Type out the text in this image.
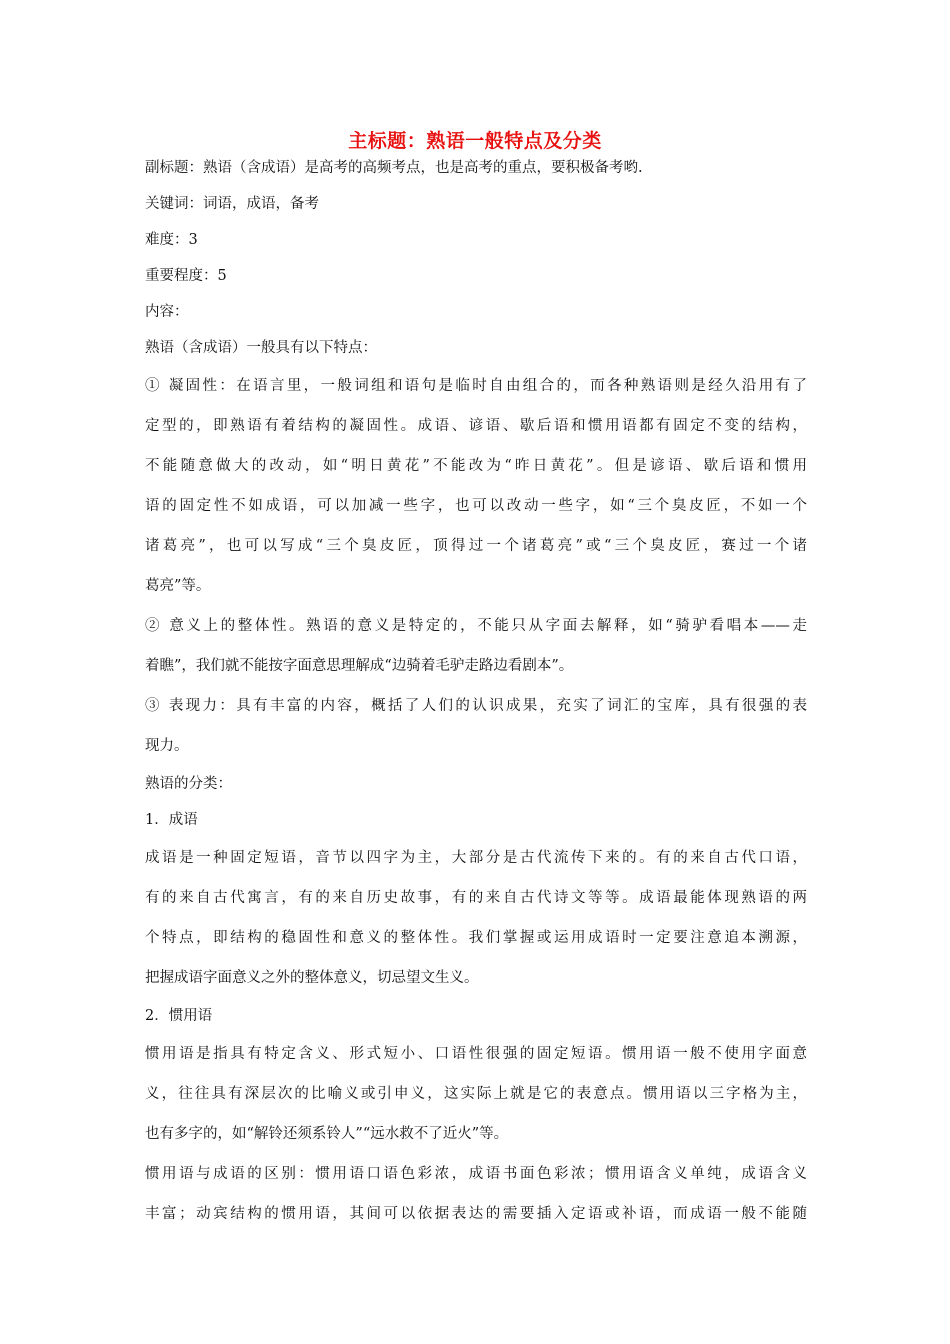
主标题：熟语一般特点及分类
副标题：熟语（含成语）是高考的高频考点，也是高考的重点，要积极备考哟.
关键词：词语，成语，备考
难度：3
重要程度：5
内容：
熟语（含成语）一般具有以下特点：
① 凝固性：在语言里，一般词组和语句是临时自由组合的，而各种熟语则是经久沿用有了
定型的，即熟语有着结构的凝固性。成语、谚语、歇后语和惯用语都有固定不变的结构，
不能随意做大的改动，如“明日黄花”不能改为“昨日黄花”。但是谚语、歇后语和惯用
语的固定性不如成语，可以加减一些字，也可以改动一些字，如“三个臭皮匠，不如一个
诸葛亮”，也可以写成“三个臭皮匠，顶得过一个诸葛亮”或“三个臭皮匠，赛过一个诸
葛亮”等。
② 意义上的整体性。熟语的意义是特定的，不能只从字面去解释，如“骑驴看唱本——走
着瞧”，我们就不能按字面意思理解成“边骑着毛驴走路边看剧本”。
③ 表现力：具有丰富的内容，概括了人们的认识成果，充实了词汇的宝库，具有很强的表
现力。
熟语的分类：
1．成语
成语是一种固定短语，音节以四字为主，大部分是古代流传下来的。有的来自古代口语，
有的来自古代寓言，有的来自历史故事，有的来自古代诗文等等。成语最能体现熟语的两
个特点，即结构的稳固性和意义的整体性。我们掌握或运用成语时一定要注意追本溯源，
把握成语字面意义之外的整体意义，切忌望文生义。
2．惯用语
惯用语是指具有特定含义、形式短小、口语性很强的固定短语。惯用语一般不使用字面意
义，往往具有深层次的比喻义或引申义，这实际上就是它的表意点。惯用语以三字格为主，
也有多字的，如“解铃还须系铃人”“远水救不了近火”等。
惯用语与成语的区别：惯用语口语色彩浓，成语书面色彩浓；惯用语含义单纯，成语含义
丰富；动宾结构的惯用语，其间可以依据表达的需要插入定语或补语，而成语一般不能随
